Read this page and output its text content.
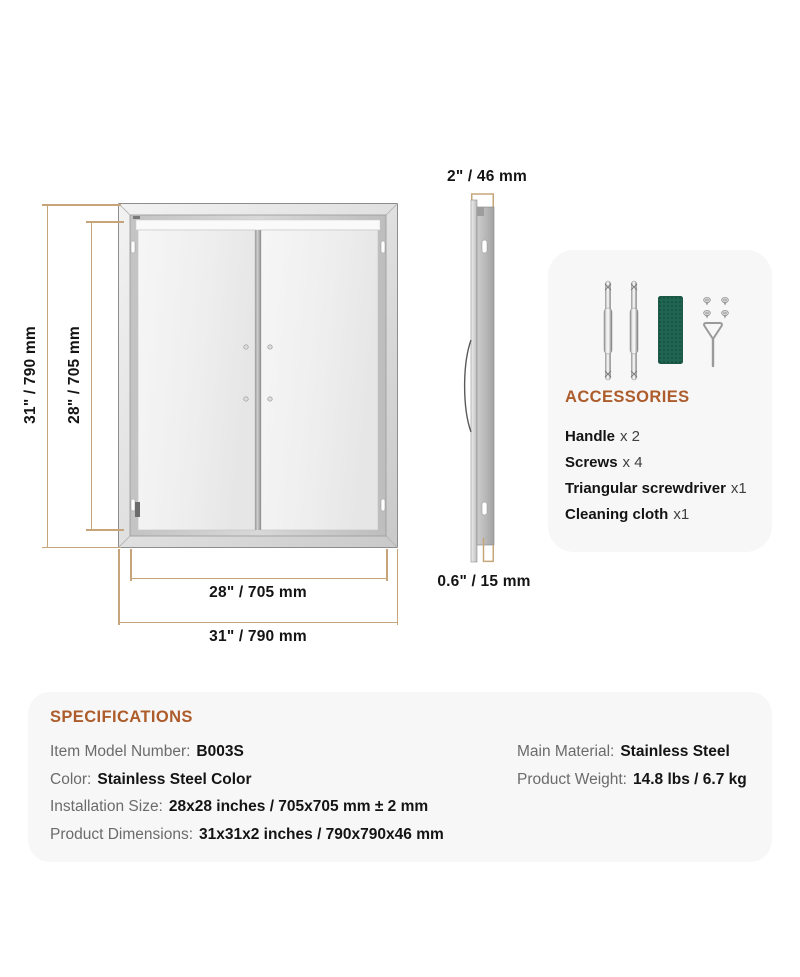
31" / 790 mm 28" / 705 mm
28" / 705 mm
31" / 790 mm
2" / 46 mm
0.6" / 15 mm
ACCESSORIES
Handle x 2
Screws x 4
Triangular screwdriver x1
Cleaning cloth x1
SPECIFICATIONS
Item Model Number: B003S
Color: Stainless Steel Color
Installation Size: 28x28 inches / 705x705 mm ± 2 mm
Product Dimensions: 31x31x2 inches / 790x790x46 mm
Main Material: Stainless Steel
Product Weight: 14.8 lbs / 6.7 kg
